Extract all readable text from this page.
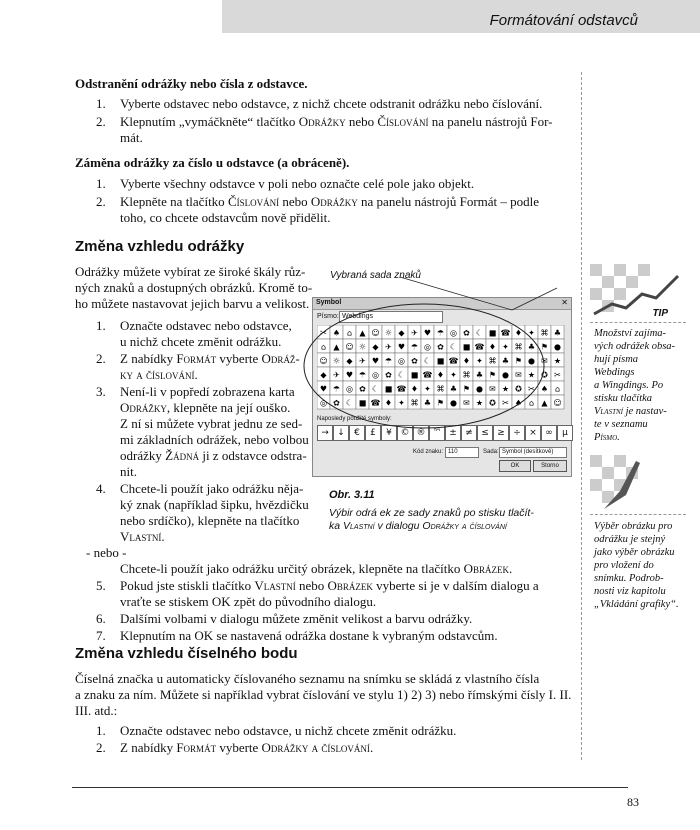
Formátování odstavců
Odstranění odrážky nebo čísla z odstavce.
1. Vyberte odstavec nebo odstavce, z nichž chcete odstranit odrážku nebo číslování.
2. Klepnutím „vymáčkněte“ tlačítko Odrážky nebo Číslování na panelu nástrojů For-
mát.
Záměna odrážky za číslo u odstavce (a obráceně).
1. Vyberte všechny odstavce v poli nebo označte celé pole jako objekt.
2. Klepněte na tlačítko Číslování nebo Odrážky na panelu nástrojů Formát – podle
toho, co chcete odstavcům nově přidělit.
Změna vzhledu odrážky
Odrážky můžete vybírat ze široké škály růz-
ných znaků a dostupných obrázků. Kromě to-
ho můžete nastavovat jejich barvu a velikost.
1. Označte odstavec nebo odstavce,
u nichž chcete změnit odrážku.
2. Z nabídky Formát vyberte Odráž-
ky a číslování.
3. Není-li v popředí zobrazena karta
Odrážky, klepněte na její ouško.
Z ní si můžete vybrat jednu ze sed-
mi základních odrážek, nebo volbou
odrážky Žádná ji z odstavce odstra-
nit.
4. Chcete-li použít jako odrážku něja-
ký znak (například šipku, hvězdičku
nebo srdíčko), klepněte na tlačítko
Vlastní.
- nebo -
Chcete-li použít jako odrážku určitý obrázek, klepněte na tlačítko Obrázek.
5. Pokud jste stiskli tlačítko Vlastní nebo Obrázek vyberte si je v dalším dialogu a
vraťte se stiskem OK zpět do původního dialogu.
6. Dalšími volbami v dialogu můžete změnit velikost a barvu odrážky.
7. Klepnutím na OK se nastavená odrážka dostane k vybraným odstavcům.
Změna vzhledu číselného bodu
Číselná značka u automaticky číslovaného seznamu na snímku se skládá z vlastního čísla
a znaku za ním. Můžete si například vybrat číslování ve stylu 1) 2) 3) nebo římskými čísly I. II.
III. atd.:
1. Označte odstavec nebo odstavce, u nichž chcete změnit odrážku.
2. Z nabídky Formát vyberte Odrážky a číslování.
Vybraná sada znaků
Symbol	✕
Písmo: Webdings
✂ ♠ ⌂ ▲ ☺ ☼ ◆ ✈ ♥ ☂ ◎ ✿ ☾ ■ ☎ ♦ ✦ ⌘ ♣
⌂ ▲ ☺ ☼ ◆ ✈ ♥ ☂ ◎ ✿ ☾ ■ ☎ ♦ ✦ ⌘ ♣ ⚑ ●
☺ ☼ ◆ ✈ ♥ ☂ ◎ ✿ ☾ ■ ☎ ♦ ✦ ⌘ ♣ ⚑ ● ✉ ★
◆ ✈ ♥ ☂ ◎ ✿ ☾ ■ ☎ ♦ ✦ ⌘ ♣ ⚑ ● ✉ ★ ✪ ✂
♥ ☂ ◎ ✿ ☾ ■ ☎ ♦ ✦ ⌘ ♣ ⚑ ● ✉ ★ ✪ ✂ ♠ ⌂
◎ ✿ ☾ ■ ☎ ♦ ✦ ⌘ ♣ ⚑ ● ✉ ★ ✪ ✂ ♠ ⌂ ▲ ☺
Naposledy použité symboly:
→ ↓	€	£	¥ © ® ™ ± ≠ ≤ ≥ ÷ × ∞	µ
Kód znaku: 110	Sada: Symbol (desítkově)
OK	Storno
Obr. 3.11
Výbir odrá ek ze sady znaků po stisku tlačít-
ka Vlastní v dialogu Odrážky a číslování
TIP
Množství zajíma-
vých odrážek obsa-
hují písma
Webdings
a Wingdings. Po
stisku tlačítka
Vlastní je nastav-
te v seznamu
Písmo.
Výběr obrázku pro
odrážku je stejný
jako výběr obrázku
pro vložení do
snímku. Podrob-
nosti viz kapitolu
„Vkládání grafiky“.
83
